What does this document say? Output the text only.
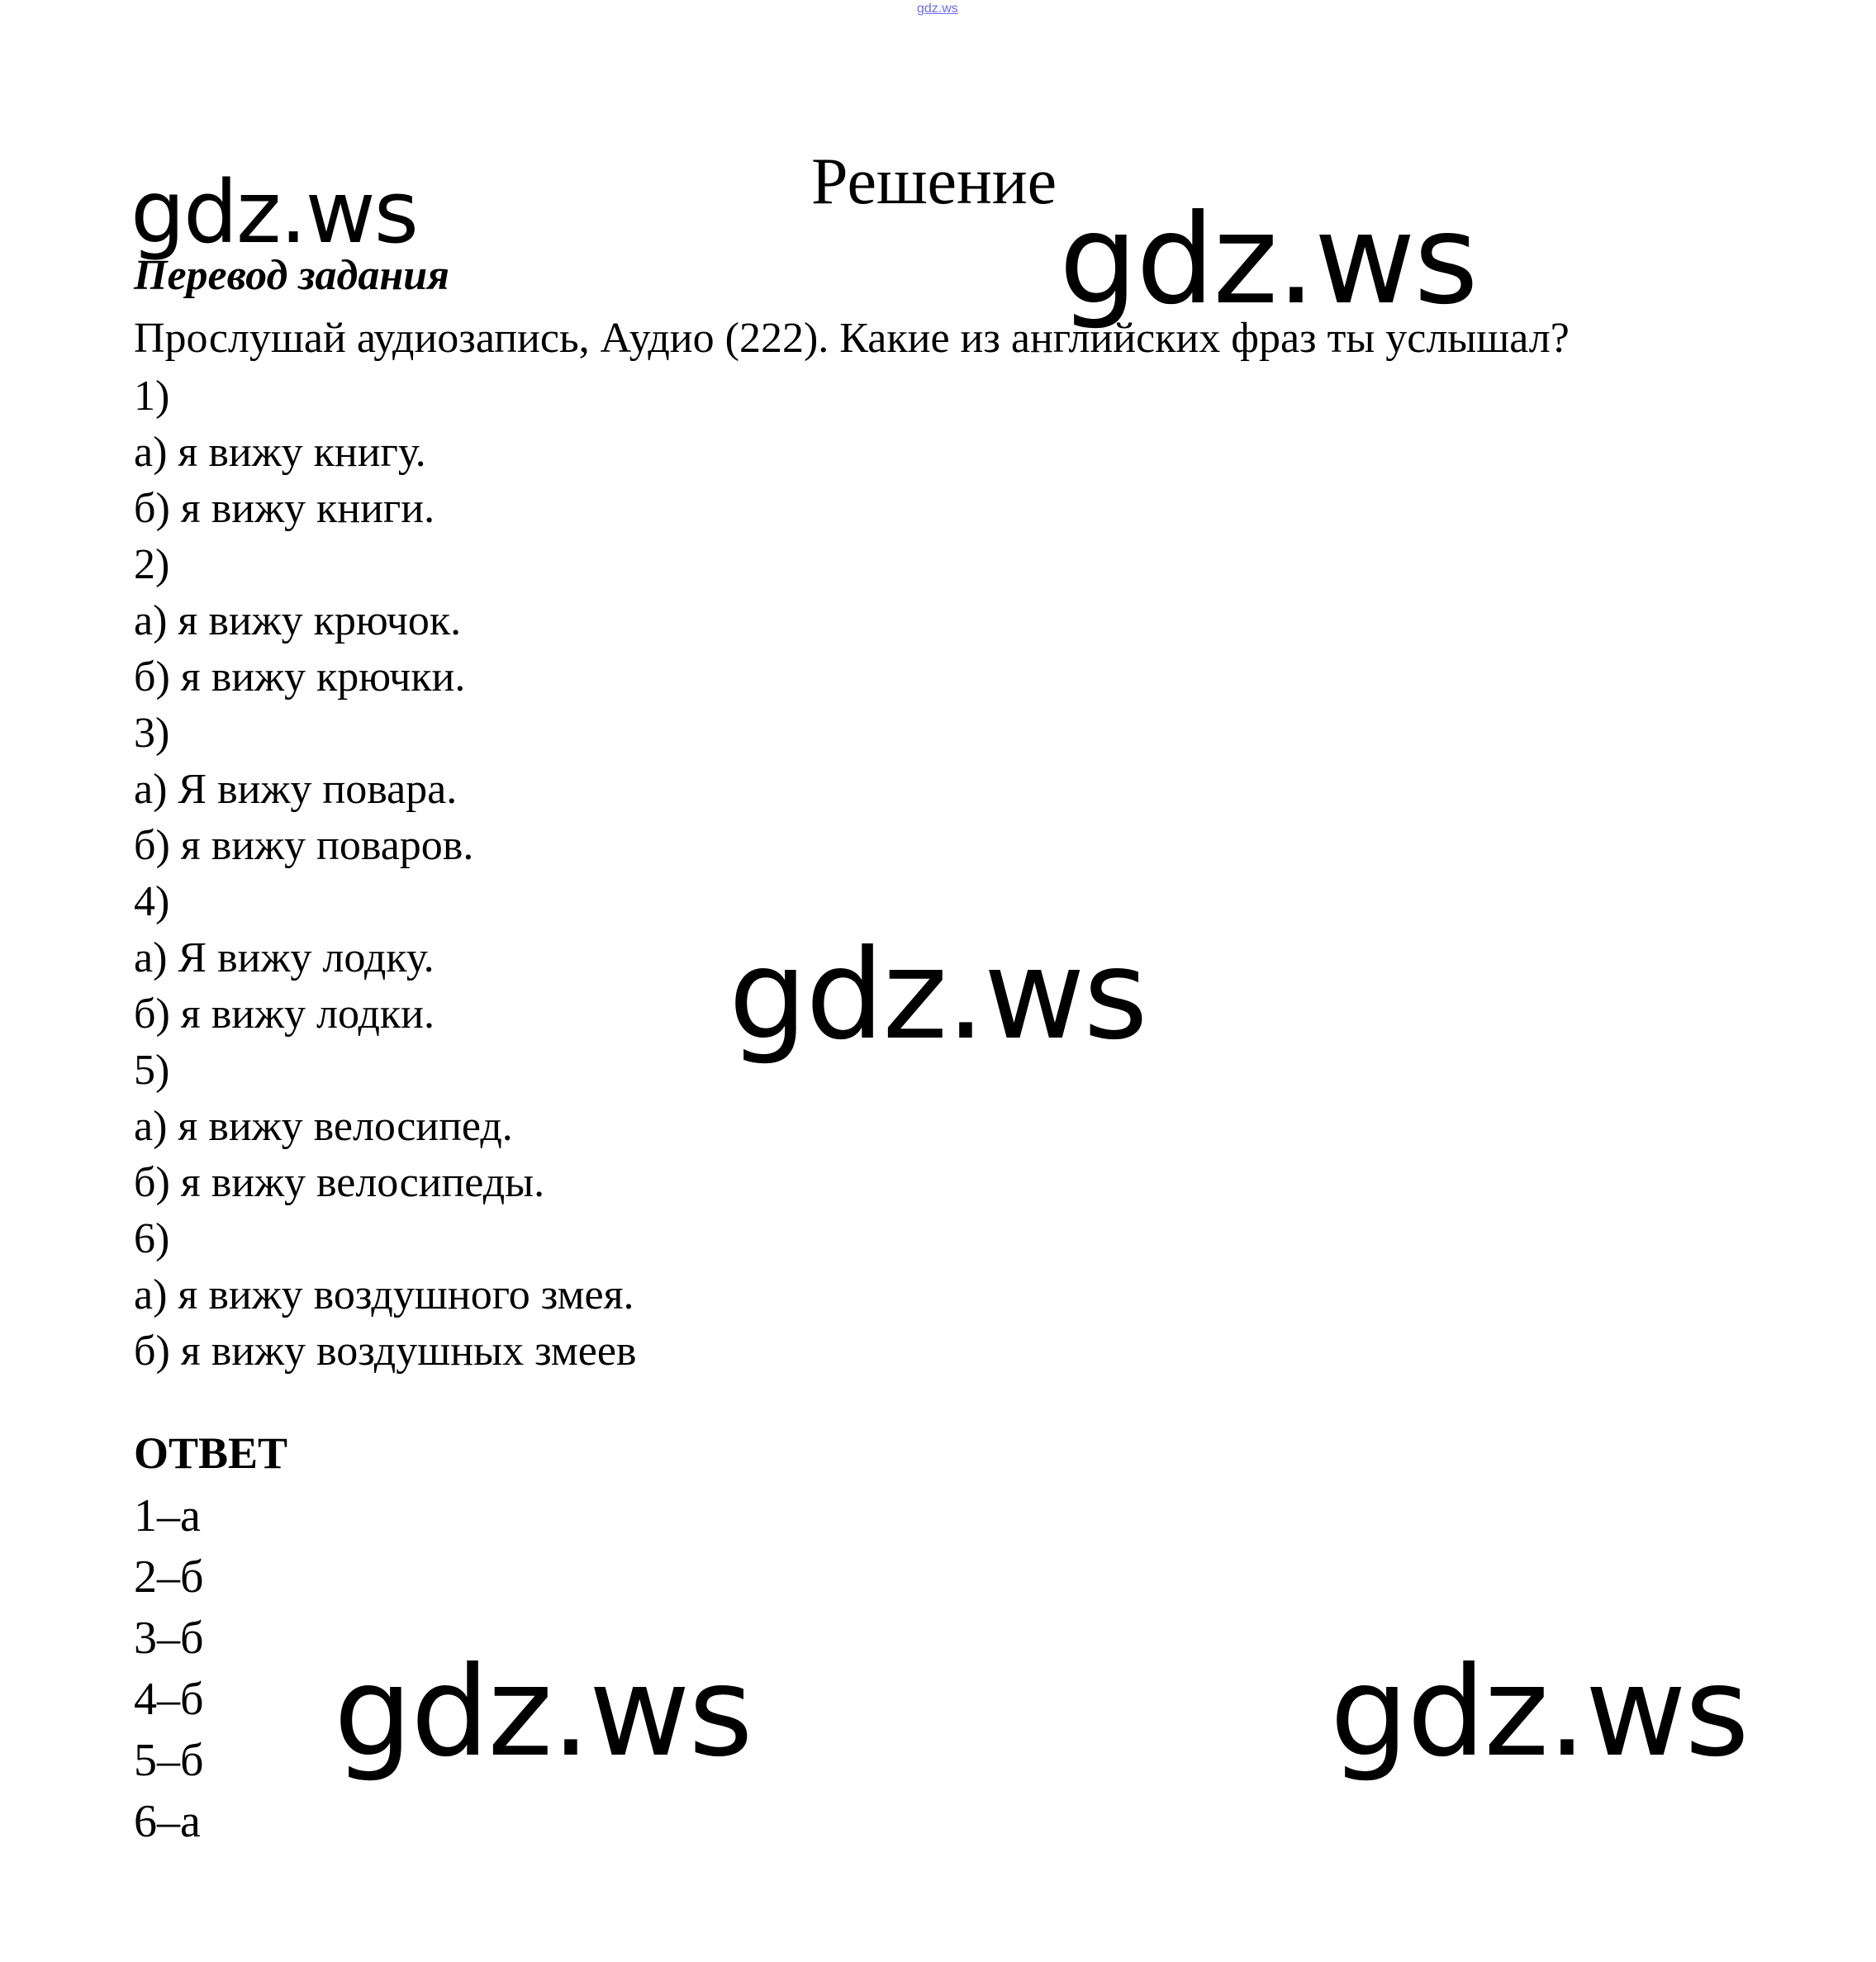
gdz.ws
gdz.ws	gdz.ws
gdz.ws
gdz.ws	gdz.ws
Решение
Перевод задания
Прослушай аудиозапись, Аудио (222). Какие из английских фраз ты услышал?
1)
а) я вижу книгу.
б) я вижу книги.
2)
а) я вижу крючок.
б) я вижу крючки.
3)
а) Я вижу повара.
б) я вижу поваров.
4)
а) Я вижу лодку.
б) я вижу лодки.
5)
а) я вижу велосипед.
б) я вижу велосипеды.
6)
а) я вижу воздушного змея.
б) я вижу воздушных змеев
ОТВЕТ
1–а
2–б
3–б
4–б
5–б
6–а
